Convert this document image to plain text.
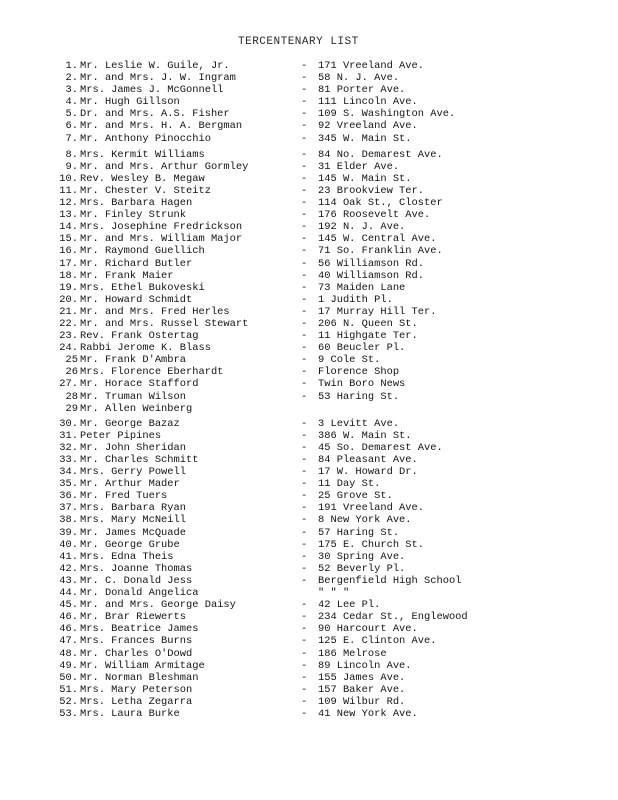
TERCENTENARY LIST
1. Mr. Leslie W. Guile, Jr.	- 171 Vreeland Ave.
2. Mr. and Mrs. J. W. Ingram	- 58 N. J. Ave.
3. Mrs. James J. McGonnell	- 81 Porter Ave.
4. Mr. Hugh Gillson	- 111 Lincoln Ave.
5. Dr. and Mrs. A.S. Fisher	- 109 S. Washington Ave.
6. Mr. and Mrs. H. A. Bergman	- 92 Vreeland Ave.
7. Mr. Anthony Pinocchio	- 345 W. Main St.
8. Mrs. Kermit Williams	- 84 No. Demarest Ave.
9. Mr. and Mrs. Arthur Gormley	- 31 Elder Ave.
10. Rev. Wesley B. Megaw	- 145 W. Main St.
11. Mr. Chester V. Steitz	- 23 Brookview Ter.
12. Mrs. Barbara Hagen	- 114 Oak St., Closter
13. Mr. Finley Strunk	- 176 Roosevelt Ave.
14. Mrs. Josephine Fredrickson	- 192 N. J. Ave.
15. Mr. and Mrs. William Major	- 145 W. Central Ave.
16. Mr. Raymond Guellich	- 71 So. Franklin Ave.
17. Mr. Richard Butler	- 56 Williamson Rd.
18. Mr. Frank Maier	- 40 Williamson Rd.
19. Mrs. Ethel Bukoveski	- 73 Maiden Lane
20. Mr. Howard Schmidt	- 1 Judith Pl.
21. Mr. and Mrs. Fred Herles	- 17 Murray Hill Ter.
22. Mr. and Mrs. Russel Stewart	- 206 N. Queen St.
23. Rev. Frank Ostertag	- 11 Highgate Ter.
24. Rabbi Jerome K. Blass	- 60 Beucler Pl.
25 Mr. Frank D'Ambra	- 9 Cole St.
26 Mrs. Florence Eberhardt	- Florence Shop
27. Mr. Horace Stafford	- Twin Boro News
28 Mr. Truman Wilson	- 53 Haring St.
29 Mr. Allen Weinberg
30. Mr. George Bazaz	- 3 Levitt Ave.
31. Peter Pipines	- 386 W. Main St.
32. Mr. John Sheridan	- 45 So. Demarest Ave.
33. Mr. Charles Schmitt	- 84 Pleasant Ave.
34. Mrs. Gerry Powell	- 17 W. Howard Dr.
35. Mr. Arthur Mader	- 11 Day St.
36. Mr. Fred Tuers	- 25 Grove St.
37. Mrs. Barbara Ryan	- 191 Vreeland Ave.
38. Mrs. Mary McNeill	- 8 New York Ave.
39. Mr. James McQuade	- 57 Haring St.
40. Mr. George Grube	- 175 E. Church St.
41. Mrs. Edna Theis	- 30 Spring Ave.
42. Mrs. Joanne Thomas	- 52 Beverly Pl.
43. Mr. C. Donald Jess	- Bergenfield High School
44. Mr. Donald Angelica	" " "
45. Mr. and Mrs. George Daisy	- 42 Lee Pl.
46. Mr. Brar Riewerts	- 234 Cedar St., Englewood
46. Mrs. Beatrice James	- 90 Harcourt Ave.
47. Mrs. Frances Burns	- 125 E. Clinton Ave.
48. Mr. Charles O'Dowd	- 186 Melrose
49. Mr. William Armitage	- 89 Lincoln Ave.
50. Mr. Norman Bleshman	- 155 James Ave.
51. Mrs. Mary Peterson	- 157 Baker Ave.
52. Mrs. Letha Zegarra	- 109 Wilbur Rd.
53. Mrs. Laura Burke	- 41 New York Ave.
